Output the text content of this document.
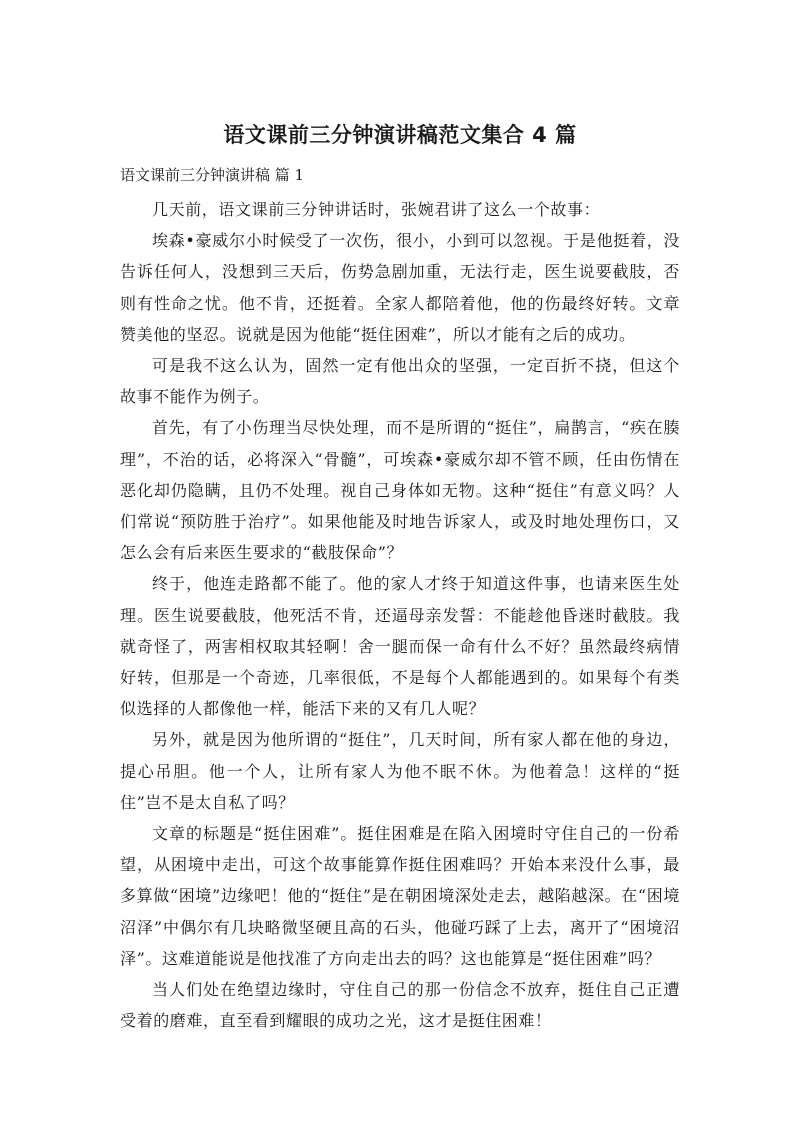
语文课前三分钟演讲稿范文集合 4 篇

语文课前三分钟演讲稿 篇 1

几天前，语文课前三分钟讲话时，张婉君讲了这么一个故事：

埃森•豪威尔小时候受了一次伤，很小，小到可以忽视。于是他挺着，没告诉任何人，没想到三天后，伤势急剧加重，无法行走，医生说要截肢，否则有性命之忧。他不肯，还挺着。全家人都陪着他，他的伤最终好转。文章赞美他的坚忍。说就是因为他能“挺住困难”，所以才能有之后的成功。

可是我不这么认为，固然一定有他出众的坚强，一定百折不挠，但这个故事不能作为例子。

首先，有了小伤理当尽快处理，而不是所谓的“挺住”，扁鹊言，“疾在腠理”，不治的话，必将深入“骨髓”，可埃森•豪威尔却不管不顾，任由伤情在恶化却仍隐瞒，且仍不处理。视自己身体如无物。这种“挺住”有意义吗？人们常说“预防胜于治疗”。如果他能及时地告诉家人，或及时地处理伤口，又怎么会有后来医生要求的“截肢保命”？

终于，他连走路都不能了。他的家人才终于知道这件事，也请来医生处理。医生说要截肢，他死活不肯，还逼母亲发誓：不能趁他昏迷时截肢。我就奇怪了，两害相权取其轻啊！舍一腿而保一命有什么不好？虽然最终病情好转，但那是一个奇迹，几率很低，不是每个人都能遇到的。如果每个有类似选择的人都像他一样，能活下来的又有几人呢？

另外，就是因为他所谓的“挺住”，几天时间，所有家人都在他的身边，提心吊胆。他一个人，让所有家人为他不眠不休。为他着急！这样的“挺住”岂不是太自私了吗？

文章的标题是“挺住困难”。挺住困难是在陷入困境时守住自己的一份希望，从困境中走出，可这个故事能算作挺住困难吗？开始本来没什么事，最多算做“困境”边缘吧！他的“挺住”是在朝困境深处走去，越陷越深。在“困境沼泽”中偶尔有几块略微坚硬且高的石头，他碰巧踩了上去，离开了“困境沼泽”。这难道能说是他找准了方向走出去的吗？这也能算是“挺住困难”吗？

当人们处在绝望边缘时，守住自己的那一份信念不放弃，挺住自己正遭受着的磨难，直至看到耀眼的成功之光，这才是挺住困难！
